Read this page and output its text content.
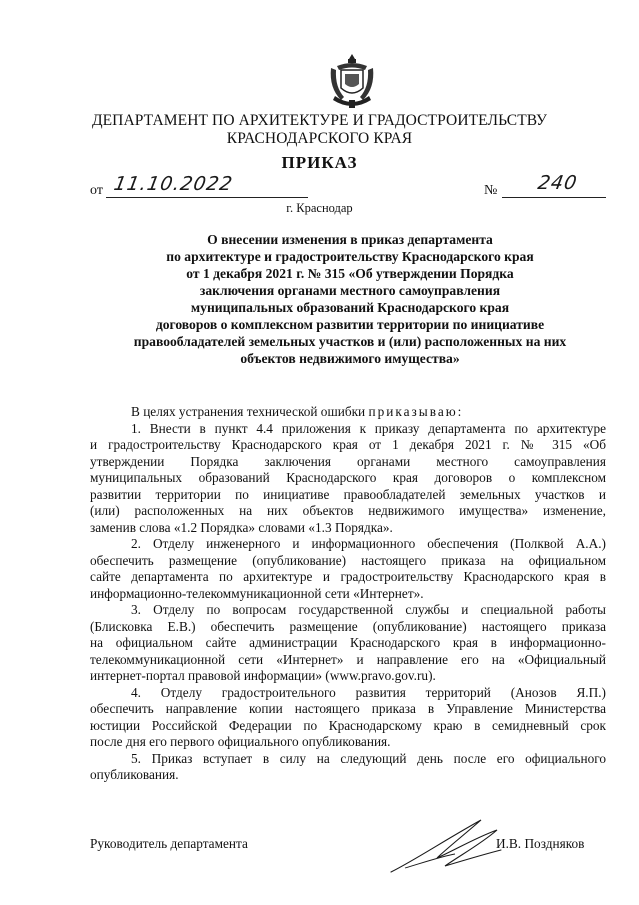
ДЕПАРТАМЕНТ ПО АРХИТЕКТУРЕ И ГРАДОСТРОИТЕЛЬСТВУ
КРАСНОДАРСКОГО КРАЯ
ПРИКАЗ
от 11.10.2022	№ 240
г. Краснодар
О внесении изменения в приказ департамента
по архитектуре и градостроительству Краснодарского края
от 1 декабря 2021 г. № 315 «Об утверждении Порядка
заключения органами местного самоуправления
муниципальных образований Краснодарского края
договоров о комплексном развитии территории по инициативе
правообладателей земельных участков и (или) расположенных на них
объектов недвижимого имущества»
В целях устранения технической ошибки приказываю:
1. Внести в пункт 4.4 приложения к приказу департамента по архитектуре
и градостроительству Краснодарского края от 1 декабря 2021 г. № 315 «Об
утверждении Порядка заключения органами местного самоуправления
муниципальных образований Краснодарского края договоров о комплексном
развитии территории по инициативе правообладателей земельных участков и
(или) расположенных на них объектов недвижимого имущества» изменение,
заменив слова «1.2 Порядка» словами «1.3 Порядка».
2. Отделу инженерного и информационного обеспечения (Полквой А.А.)
обеспечить размещение (опубликование) настоящего приказа на официальном
сайте департамента по архитектуре и градостроительству Краснодарского края в
информационно-телекоммуникационной сети «Интернет».
3. Отделу по вопросам государственной службы и специальной работы
(Блисковка Е.В.) обеспечить размещение (опубликование) настоящего приказа
на официальном сайте администрации Краснодарского края в информационно-
телекоммуникационной сети «Интернет» и направление его на «Официальный
интернет-портал правовой информации» (www.pravo.gov.ru).
4. Отделу градостроительного развития территорий (Анозов Я.П.)
обеспечить направление копии настоящего приказа в Управление Министерства
юстиции Российской Федерации по Краснодарскому краю в семидневный срок
после дня его первого официального опубликования.
5. Приказ вступает в силу на следующий день после его официального
опубликования.
Руководитель департамента	И.В. Поздняков
